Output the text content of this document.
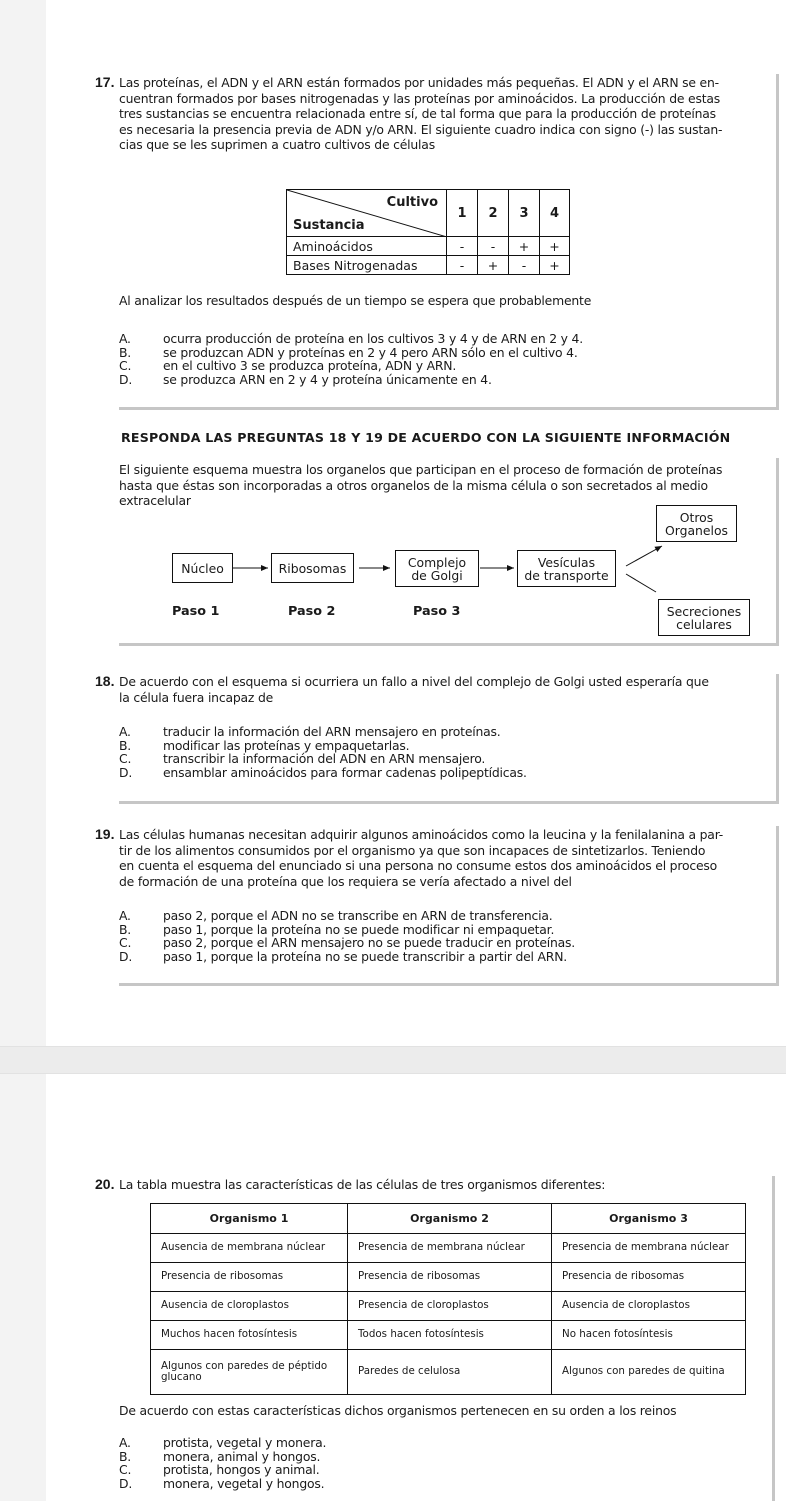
17. Las proteínas, el ADN y el ARN están formados por unidades más pequeñas. El ADN y el ARN se en-
cuentran formados por bases nitrogenadas y las proteínas por aminoácidos. La producción de estas
tres sustancias se encuentra relacionada entre sí, de tal forma que para la producción de proteínas
es necesaria la presencia previa de ADN y/o ARN. El siguiente cuadro indica con signo (-) las sustan-
cias que se les suprimen a cuatro cultivos de células
Cultivo
Sustancia	1	2	3	4
Aminoácidos	-	-	+	+
Bases Nitrogenadas	-	+	-	+
Al analizar los resultados después de un tiempo se espera que probablemente
A.	ocurra producción de proteína en los cultivos 3 y 4 y de ARN en 2 y 4.
B.	se produzcan ADN y proteínas en 2 y 4 pero ARN sólo en el cultivo 4.
C.	en el cultivo 3 se produzca proteína, ADN y ARN.
D.	se produzca ARN en 2 y 4 y proteína únicamente en 4.
RESPONDA LAS PREGUNTAS 18 Y 19 DE ACUERDO CON LA SIGUIENTE INFORMACIÓN
El siguiente esquema muestra los organelos que participan en el proceso de formación de proteínas
hasta que éstas son incorporadas a otros organelos de la misma célula o son secretados al medio
extracelular
Núcleo	Ribosomas	Complejo
de Golgi
Vesículas
de transporte
Otros
Organelos
Secreciones
celulares
Paso 1	Paso 2	Paso 3
18. De acuerdo con el esquema si ocurriera un fallo a nivel del complejo de Golgi usted esperaría que
la célula fuera incapaz de
A.	traducir la información del ARN mensajero en proteínas.
B.	modificar las proteínas y empaquetarlas.
C.	transcribir la información del ADN en ARN mensajero.
D.	ensamblar aminoácidos para formar cadenas polipeptídicas.
19. Las células humanas necesitan adquirir algunos aminoácidos como la leucina y la fenilalanina a par-
tir de los alimentos consumidos por el organismo ya que son incapaces de sintetizarlos. Teniendo
en cuenta el esquema del enunciado si una persona no consume estos dos aminoácidos el proceso
de formación de una proteína que los requiera se vería afectado a nivel del
A.	paso 2, porque el ADN no se transcribe en ARN de transferencia.
B.	paso 1, porque la proteína no se puede modificar ni empaquetar.
C.	paso 2, porque el ARN mensajero no se puede traducir en proteínas.
D.	paso 1, porque la proteína no se puede transcribir a partir del ARN.
20. La tabla muestra las características de las células de tres organismos diferentes:
Organismo 1	Organismo 2	Organismo 3
Ausencia de membrana núclear	Presencia de membrana núclear	Presencia de membrana núclear
Presencia de ribosomas	Presencia de ribosomas	Presencia de ribosomas
Ausencia de cloroplastos	Presencia de cloroplastos	Ausencia de cloroplastos
Muchos hacen fotosíntesis	Todos hacen fotosíntesis	No hacen fotosíntesis
Algunos con paredes de péptido glucano	Paredes de celulosa	Algunos con paredes de quitina
De acuerdo con estas características dichos organismos pertenecen en su orden a los reinos
A.	protista, vegetal y monera.
B.	monera, animal y hongos.
C.	protista, hongos y animal.
D.	monera, vegetal y hongos.
